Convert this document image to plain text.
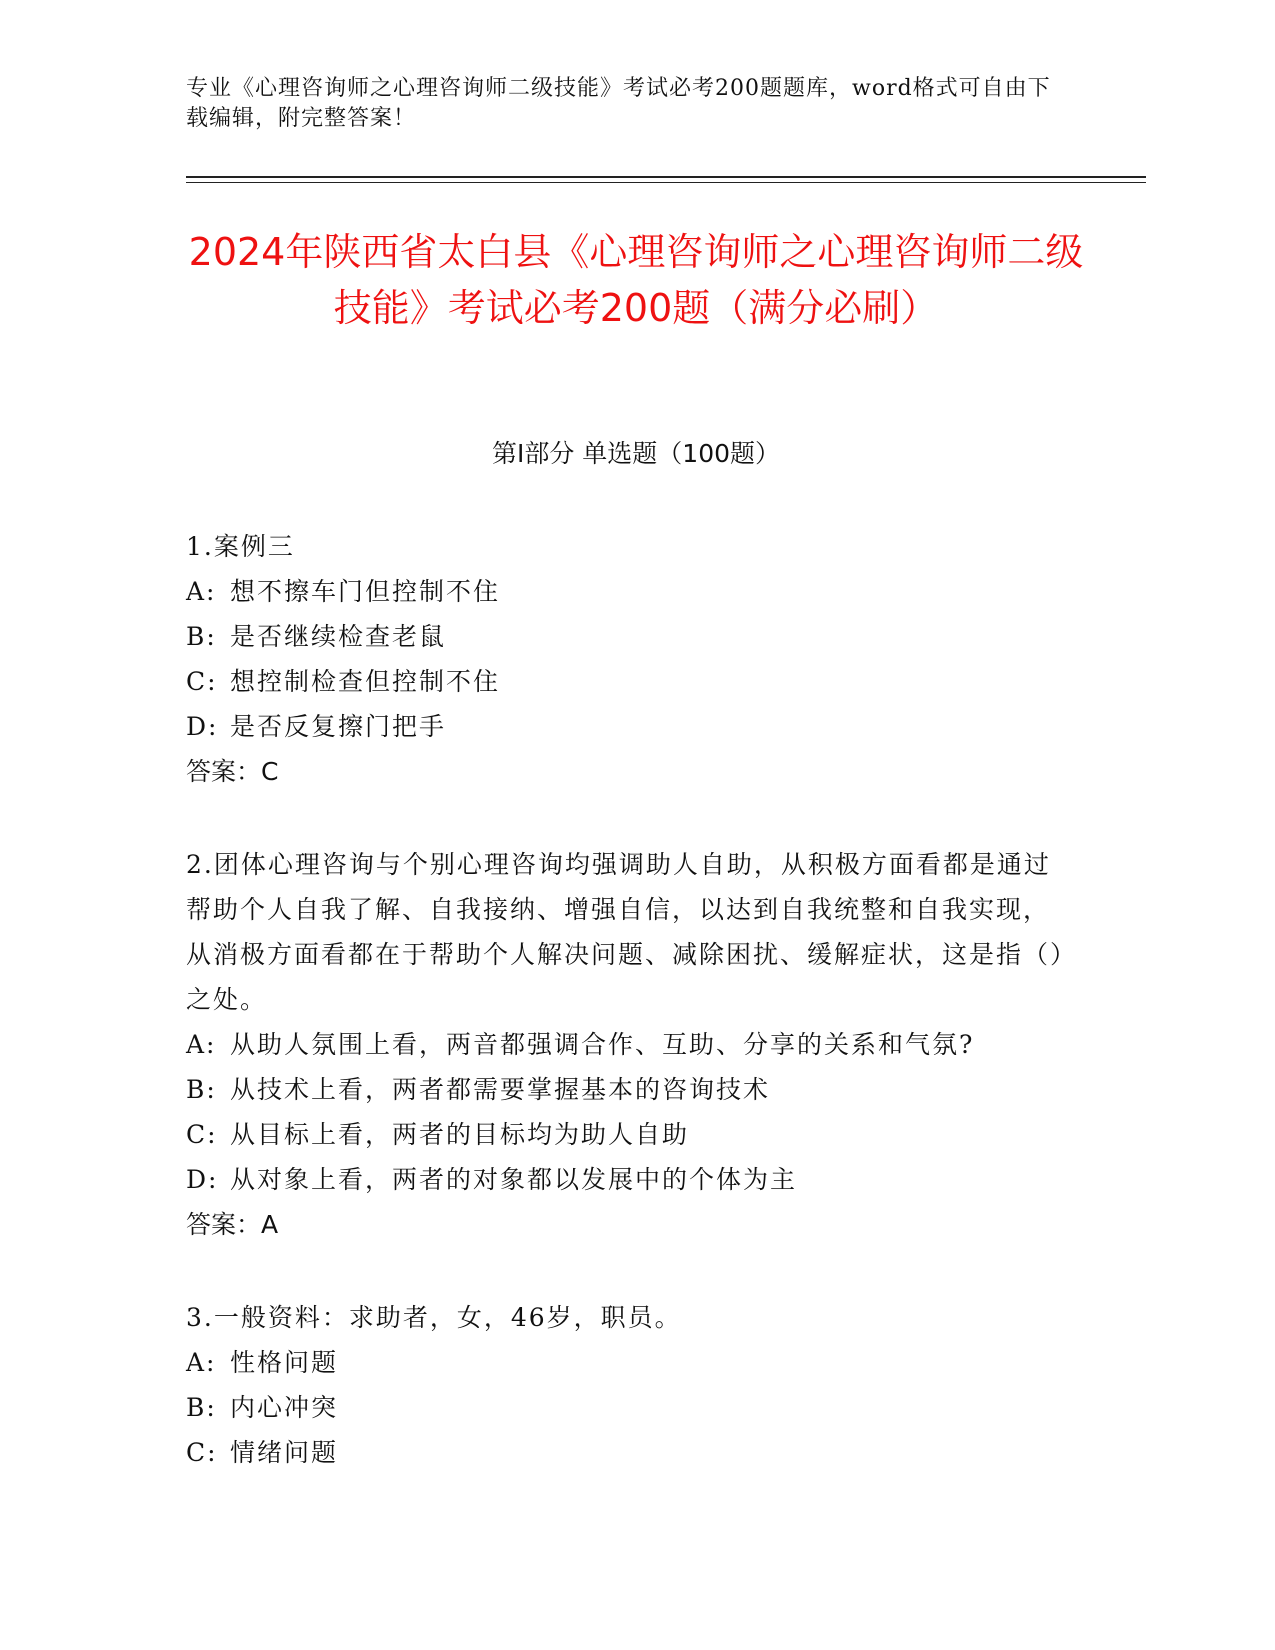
专业《心理咨询师之心理咨询师二级技能》考试必考200题题库，word格式可自由下载编辑，附完整答案！
2024年陕西省太白县《心理咨询师之心理咨询师二级技能》考试必考200题（满分必刷）
第Ⅰ部分 单选题（100题）
1.案例三
A: 想不擦车门但控制不住
B: 是否继续检查老鼠
C: 想控制检查但控制不住
D: 是否反复擦门把手
答案：C
2.团体心理咨询与个别心理咨询均强调助人自助，从积极方面看都是通过帮助个人自我了解、自我接纳、增强自信，以达到自我统整和自我实现，从消极方面看都在于帮助个人解决问题、减除困扰、缓解症状，这是指（）之处。
A: 从助人氛围上看，两音都强调合作、互助、分享的关系和气氛?
B: 从技术上看，两者都需要掌握基本的咨询技术
C: 从目标上看，两者的目标均为助人自助
D: 从对象上看，两者的对象都以发展中的个体为主
答案：A
3.一般资料：求助者，女，46岁，职员。
A: 性格问题
B: 内心冲突
C: 情绪问题
